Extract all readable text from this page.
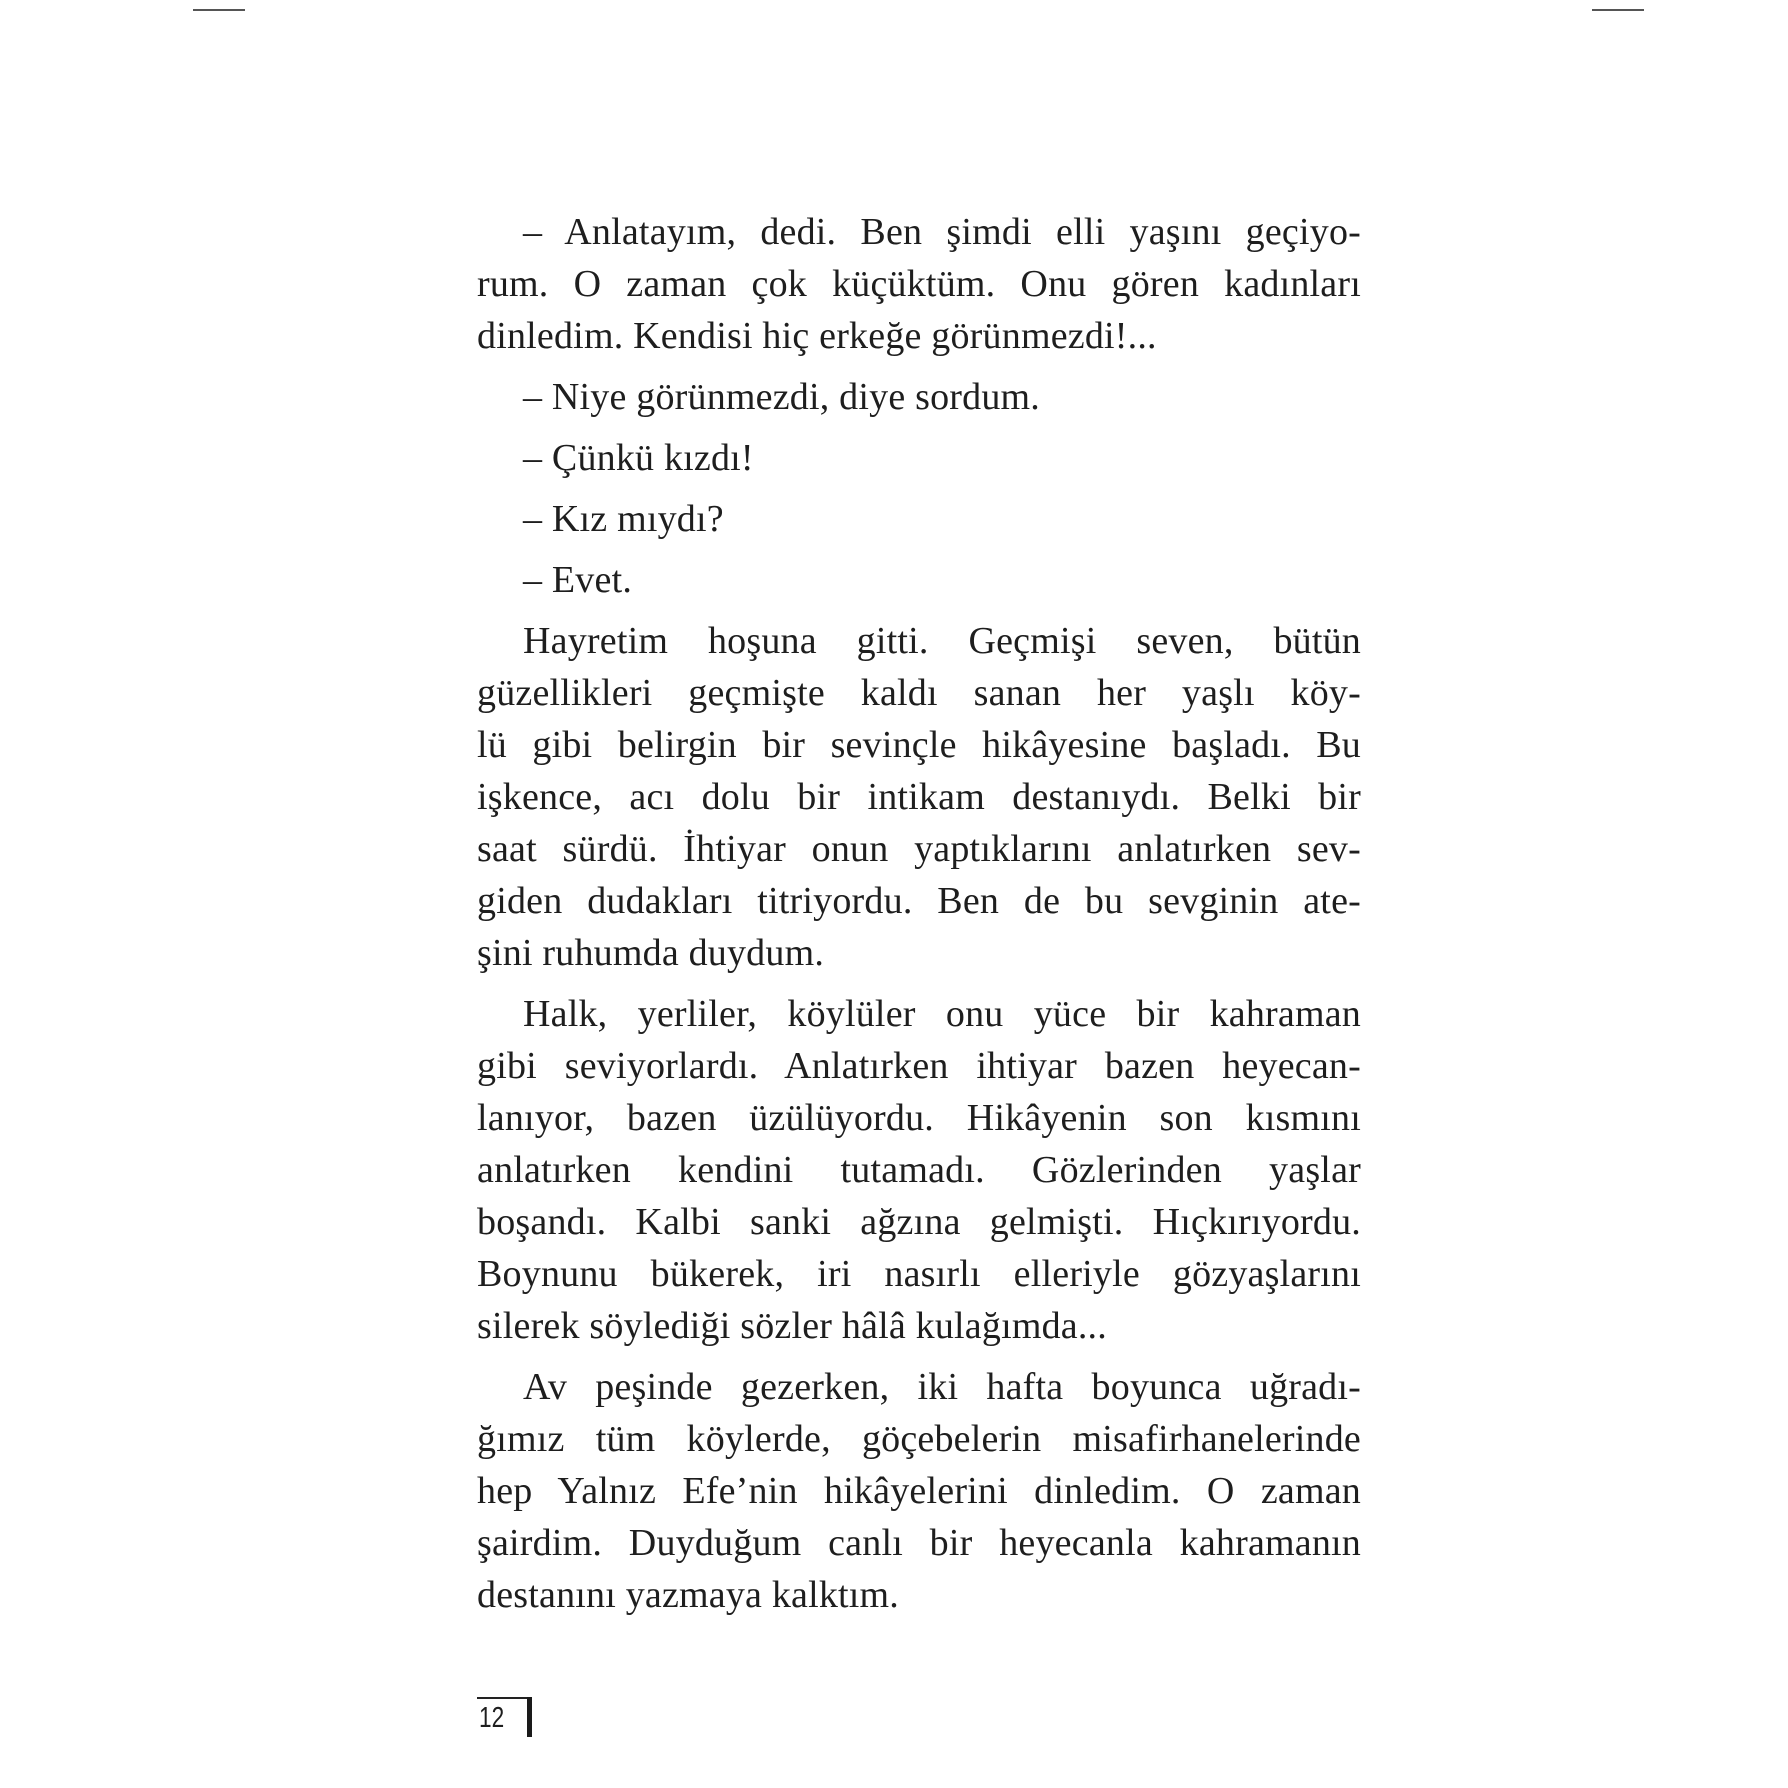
– Anlatayım, dedi. Ben şimdi elli yaşını geçiyo-
rum. O zaman çok küçüktüm. Onu gören kadınları
dinledim. Kendisi hiç erkeğe görünmezdi!...
– Niye görünmezdi, diye sordum.
– Çünkü kızdı!
– Kız mıydı?
– Evet.
Hayretim hoşuna gitti. Geçmişi seven, bütün
güzellikleri geçmişte kaldı sanan her yaşlı köy-
lü gibi belirgin bir sevinçle hikâyesine başladı. Bu
işkence, acı dolu bir intikam destanıydı. Belki bir
saat sürdü. İhtiyar onun yaptıklarını anlatırken sev-
giden dudakları titriyordu. Ben de bu sevginin ate-
şini ruhumda duydum.
Halk, yerliler, köylüler onu yüce bir kahraman
gibi seviyorlardı. Anlatırken ihtiyar bazen heyecan-
lanıyor, bazen üzülüyordu. Hikâyenin son kısmını
anlatırken kendini tutamadı. Gözlerinden yaşlar
boşandı. Kalbi sanki ağzına gelmişti. Hıçkırıyordu.
Boynunu bükerek, iri nasırlı elleriyle gözyaşlarını
silerek söylediği sözler hâlâ kulağımda...
Av peşinde gezerken, iki hafta boyunca uğradı-
ğımız tüm köylerde, göçebelerin misafirhanelerinde
hep Yalnız Efe’nin hikâyelerini dinledim. O zaman
şairdim. Duyduğum canlı bir heyecanla kahramanın
destanını yazmaya kalktım.
12
